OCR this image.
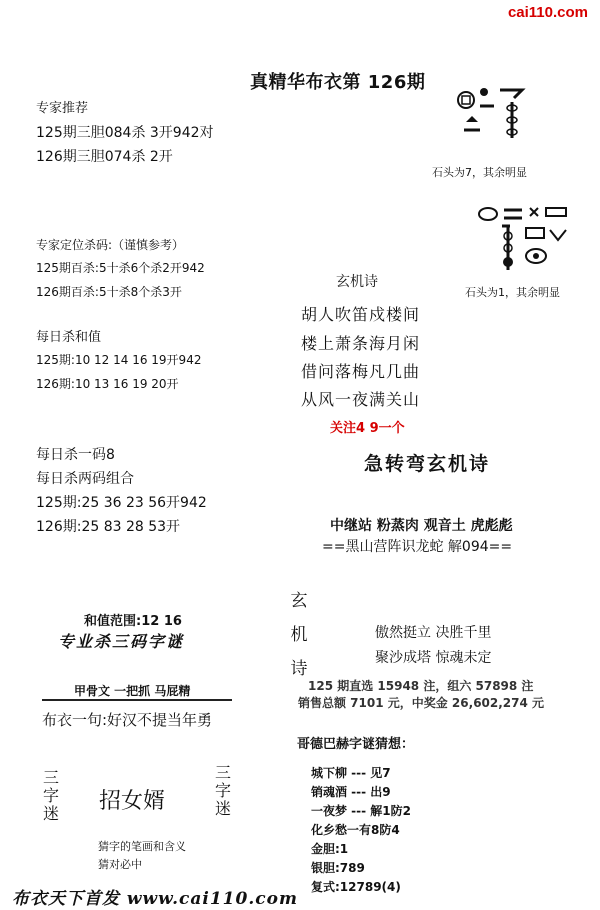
cai110.com
真精华布衣第 126期
专家推荐
125期三胆084杀 3开942对
126期三胆074杀 2开
石头为7，其余明显
石头为1，其余明显
专家定位杀码:（谨慎参考）
125期百杀:5十杀6个杀2开942
126期百杀:5十杀8个杀3开
玄机诗
胡人吹笛戍楼间
楼上萧条海月闲
借问落梅凡几曲
从风一夜满关山
每日杀和值
125期:10 12 14 16 19开942
126期:10 13 16 19 20开
关注4 9一个
急转弯玄机诗
每日杀一码8
每日杀两码组合
125期:25 36 23 56开942
126期:25 83 28 53开	中继站 粉蒸肉 观音土 虎彪彪
==黑山营阵识龙蛇 解094==
玄
机
诗
傲然挺立 决胜千里
聚沙成塔 惊魂未定
和值范围:12 16
专业杀三码字谜
甲骨文 一把抓 马屁精
布衣一句:好汉不提当年勇
125 期直选 15948 注，组六 57898 注
销售总额 7101 元，中奖金 26,602,274 元
三
字
迷 招女婿
三
字
迷
猜字的笔画和含义
猜对必中
哥德巴赫字谜猜想：
城下柳 --- 见7
销魂酒 --- 出9
一夜梦 --- 解1防2
化乡愁一有8防4
金胆:1
银胆:789
复式:12789(4)
布衣天下首发 www.cai110.com
